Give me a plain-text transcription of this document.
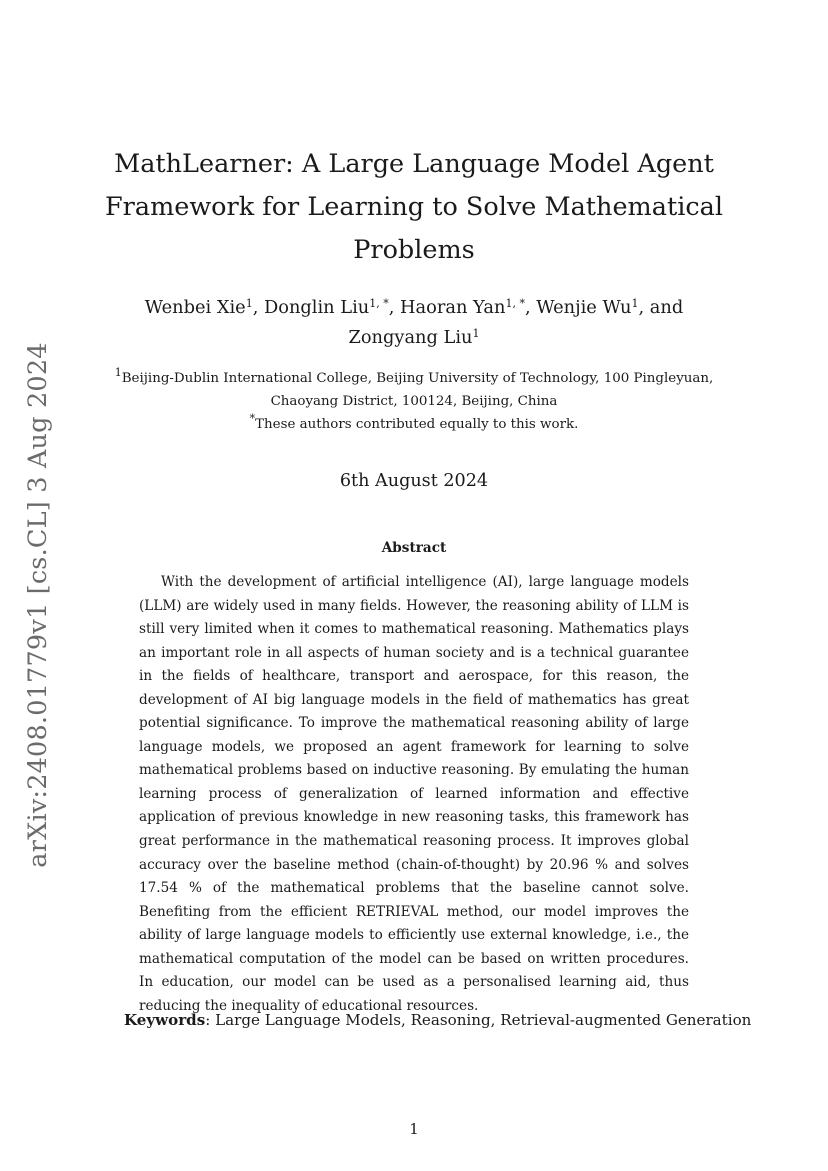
arXiv:2408.01779v1 [cs.CL] 3 Aug 2024
MathLearner: A Large Language Model Agent Framework for Learning to Solve Mathematical Problems
Wenbei Xie$^1$, Donglin Liu$^{1, *}$, Haoran Yan$^{1, *}$, Wenjie Wu$^1$, and Zongyang Liu$^1$
$^1$Beijing-Dublin International College, Beijing University of Technology, 100 Pingleyuan, Chaoyang District, 100124, Beijing, China
*These authors contributed equally to this work.
6th August 2024
Abstract

With the development of artificial intelligence (AI), large language models (LLM) are widely used in many fields. However, the reasoning ability of LLM is still very limited when it comes to mathematical reasoning. Mathematics plays an important role in all aspects of human society and is a technical guarantee in the fields of healthcare, transport and aerospace, for this reason, the development of AI big language models in the field of mathematics has great potential significance. To improve the mathematical reasoning ability of large language models, we proposed an agent framework for learning to solve mathematical problems based on inductive reasoning. By emulating the human learning process of generalization of learned information and effective application of previous knowledge in new reasoning tasks, this framework has great performance in the mathematical reasoning process. It improves global accuracy over the baseline method (chain-of-thought) by 20.96 % and solves 17.54 % of the mathematical problems that the baseline cannot solve. Benefiting from the efficient RETRIEVAL method, our model improves the ability of large language models to efficiently use external knowledge, i.e., the mathematical computation of the model can be based on written procedures. In education, our model can be used as a personalised learning aid, thus reducing the inequality of educational resources.

Keywords: Large Language Models, Reasoning, Retrieval-augmented Generation
1
